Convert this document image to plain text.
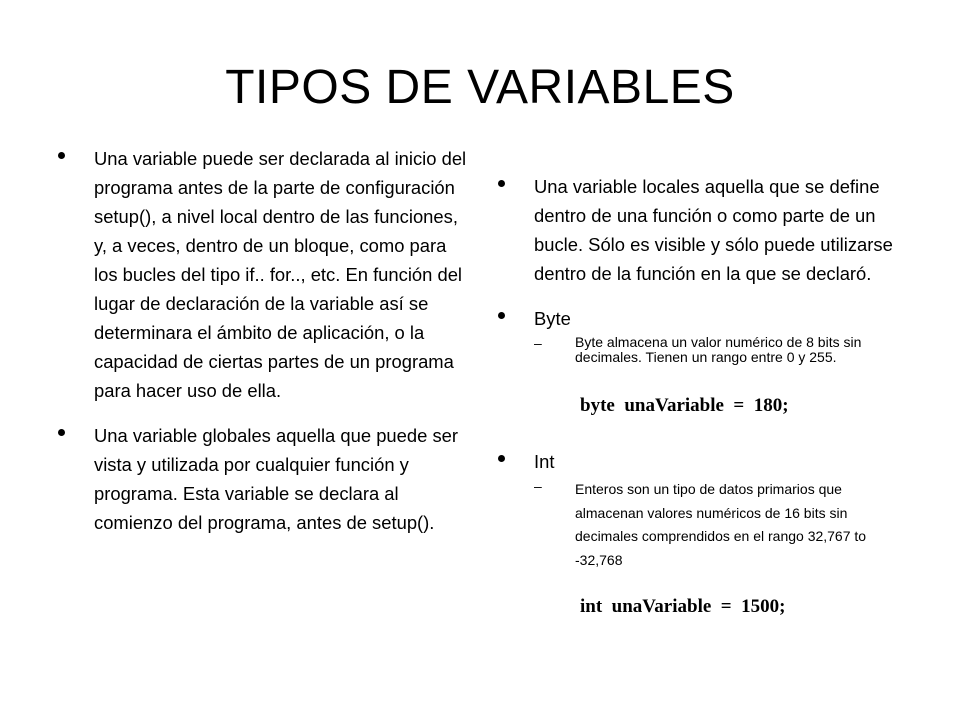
TIPOS DE VARIABLES
Una variable puede ser declarada al inicio del programa antes de la parte de configuración setup(), a nivel local dentro de las funciones, y, a veces, dentro de un bloque, como para los bucles del tipo if.. for.., etc. En función del lugar de declaración de la variable así se determinara el ámbito de aplicación, o la capacidad de ciertas partes de un programa para hacer uso de ella.
Una variable globales aquella que puede ser vista y utilizada por cualquier función y programa. Esta variable se declara al comienzo del programa, antes de setup().
Una variable locales aquella que se define dentro de una función o como parte de un bucle. Sólo es visible y sólo puede utilizarse dentro de la función en la que se declaró.
Byte
– Byte almacena un valor numérico de 8 bits sin decimales. Tienen un rango entre 0 y 255.
byte  unaVariable  =  180;
Int
– Enteros son un tipo de datos primarios que almacenan valores numéricos de 16 bits sin decimales comprendidos en el rango 32,767 to -32,768
int  unaVariable  =  1500;
